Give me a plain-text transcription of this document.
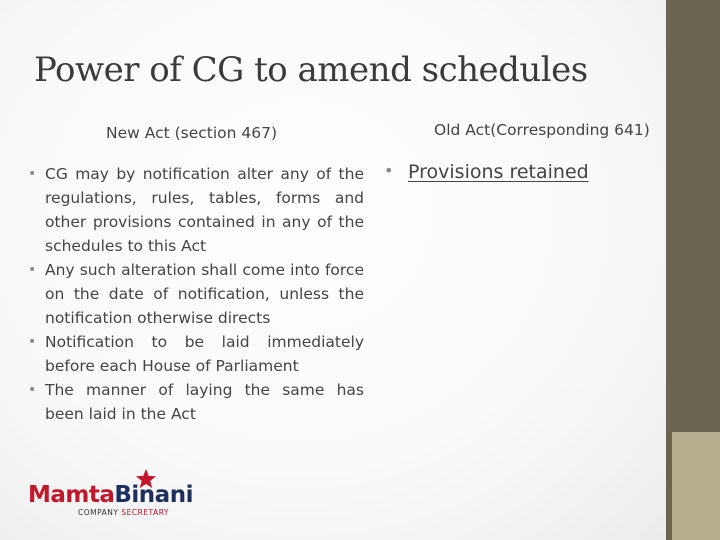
Power of CG to amend schedules
New Act (section 467)	Old Act(Corresponding 641)
• CG may by notification alter any of the regulations, rules, tables, forms and other provisions contained in any of the schedules to this Act
• Any such alteration shall come into force on the date of notification, unless the notification otherwise directs
• Notification to be laid immediately before each House of Parliament
• The manner of laying the same has been laid in the Act
• Provisions retained
MamtaBinani
COMPANY SECRETARY
